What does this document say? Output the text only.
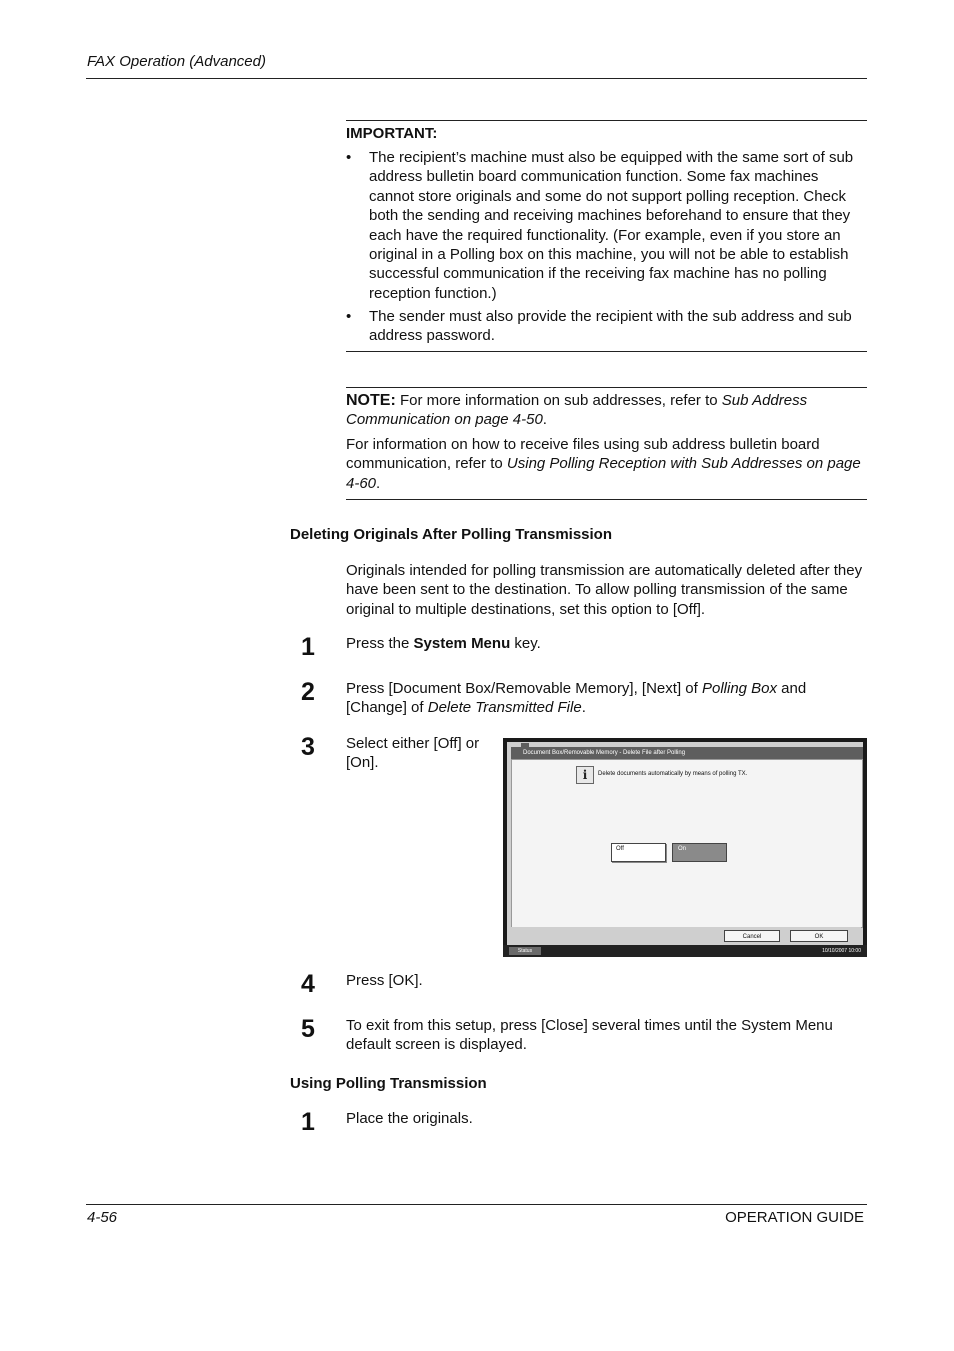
FAX Operation (Advanced)
IMPORTANT:
• The recipient’s machine must also be equipped with the same sort of sub address bulletin board communication function. Some fax machines cannot store originals and some do not support polling reception. Check both the sending and receiving machines beforehand to ensure that they each have the required functionality. (For example, even if you store an original in a Polling box on this machine, you will not be able to establish successful communication if the receiving fax machine has no polling reception function.)
• The sender must also provide the recipient with the sub address and sub address password.
NOTE: For more information on sub addresses, refer to Sub Address Communication on page 4-50.
For information on how to receive files using sub address bulletin board communication, refer to Using Polling Reception with Sub Addresses on page 4-60.
Deleting Originals After Polling Transmission
Originals intended for polling transmission are automatically deleted after they have been sent to the destination. To allow polling transmission of the same original to multiple destinations, set this option to [Off].
1 Press the System Menu key.
2 Press [Document Box/Removable Memory], [Next] of Polling Box and [Change] of Delete Transmitted File.
3 Select either [Off] or [On].
Document Box/Removable Memory - Delete File after Polling
i	Delete documents automatically by means of polling TX.
Off	On
Cancel	OK
Status	10/10/2007 10:00
4 Press [OK].
5 To exit from this setup, press [Close] several times until the System Menu default screen is displayed.
Using Polling Transmission
1 Place the originals.
4-56	OPERATION GUIDE
